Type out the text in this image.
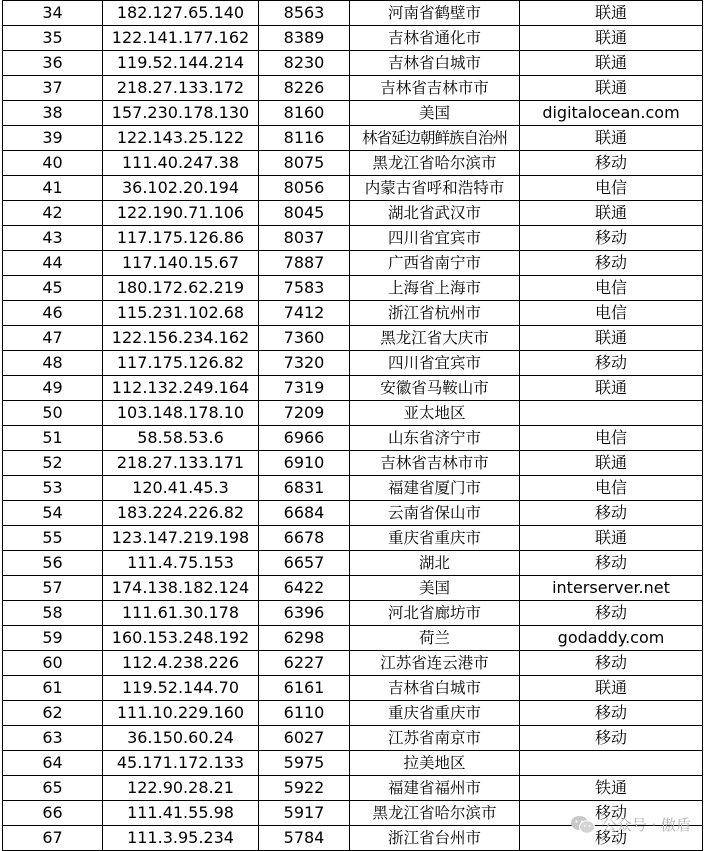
34	182.127.65.140	8563	河南省鹤壁市	联通
35	122.141.177.162	8389	吉林省通化市	联通
36	119.52.144.214	8230	吉林省白城市	联通
37	218.27.133.172	8226	吉林省吉林市市	联通
38	157.230.178.130	8160	美国	digitalocean.com
39	122.143.25.122	8116	林省延边朝鲜族自治州	联通
40	111.40.247.38	8075	黑龙江省哈尔滨市	移动
41	36.102.20.194	8056	内蒙古省呼和浩特市	电信
42	122.190.71.106	8045	湖北省武汉市	联通
43	117.175.126.86	8037	四川省宜宾市	移动
44	117.140.15.67	7887	广西省南宁市	移动
45	180.172.62.219	7583	上海省上海市	电信
46	115.231.102.68	7412	浙江省杭州市	电信
47	122.156.234.162	7360	黑龙江省大庆市	联通
48	117.175.126.82	7320	四川省宜宾市	移动
49	112.132.249.164	7319	安徽省马鞍山市	联通
50	103.148.178.10	7209	亚太地区	
51	58.58.53.6	6966	山东省济宁市	电信
52	218.27.133.171	6910	吉林省吉林市市	联通
53	120.41.45.3	6831	福建省厦门市	电信
54	183.224.226.82	6684	云南省保山市	移动
55	123.147.219.198	6678	重庆省重庆市	联通
56	111.4.75.153	6657	湖北	移动
57	174.138.182.124	6422	美国	interserver.net
58	111.61.30.178	6396	河北省廊坊市	移动
59	160.153.248.192	6298	荷兰	godaddy.com
60	112.4.238.226	6227	江苏省连云港市	移动
61	119.52.144.70	6161	吉林省白城市	联通
62	111.10.229.160	6110	重庆省重庆市	移动
63	36.150.60.24	6027	江苏省南京市	移动
64	45.171.172.133	5975	拉美地区	
65	122.90.28.21	5922	福建省福州市	铁通
66	111.41.55.98	5917	黑龙江省哈尔滨市	移动
67	111.3.95.234	5784	浙江省台州市	移动
公众号 · 傲盾
